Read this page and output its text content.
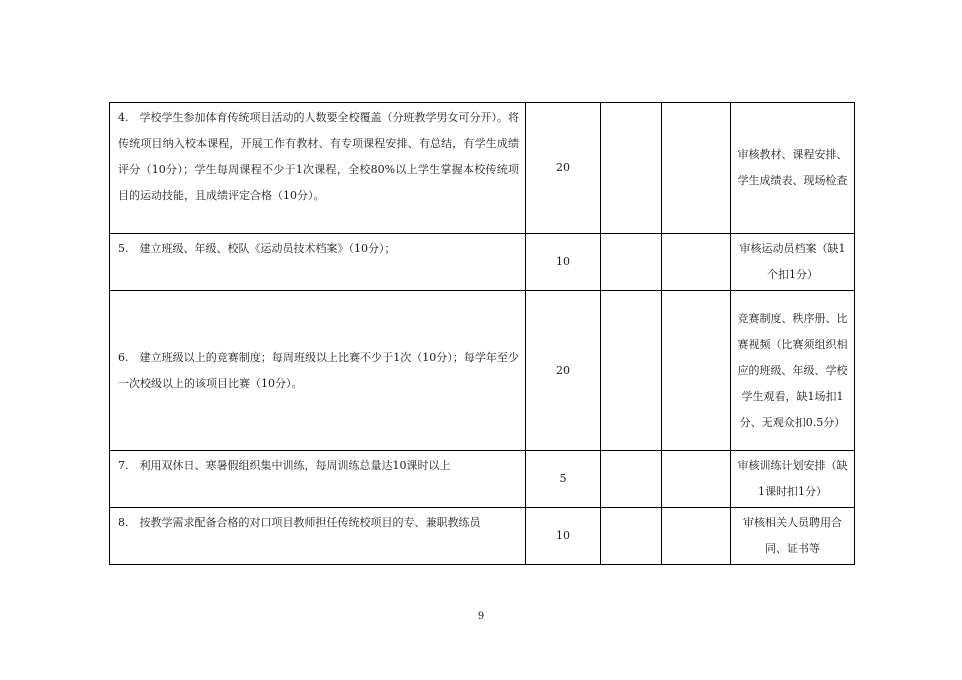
4.　学校学生参加体育传统项目活动的人数要全校覆盖（分班教学男女可分开）。将传统项目纳入校本课程，开展工作有教材、有专项课程安排、有总结，有学生成绩评分（10分）；学生每周课程不少于1次课程，全校80%以上学生掌握本校传统项目的运动技能，且成绩评定合格（10分）。	20			审核教材、课程安排、学生成绩表、现场检查
5.　建立班级、年级、校队《运动员技术档案》（10分）；	10			审核运动员档案（缺1个扣1分）
6.　建立班级以上的竞赛制度；每周班级以上比赛不少于1次（10分）；每学年至少一次校级以上的该项目比赛（10分）。	20			竞赛制度、秩序册、比赛视频（比赛须组织相应的班级、年级、学校学生观看，缺1场扣1分、无观众扣0.5分）
7.　利用双休日、寒暑假组织集中训练，每周训练总量达10课时以上	5			审核训练计划安排（缺1课时扣1分）
8.　按教学需求配备合格的对口项目教师担任传统校项目的专、兼职教练员	10			审核相关人员聘用合同、证书等
9
